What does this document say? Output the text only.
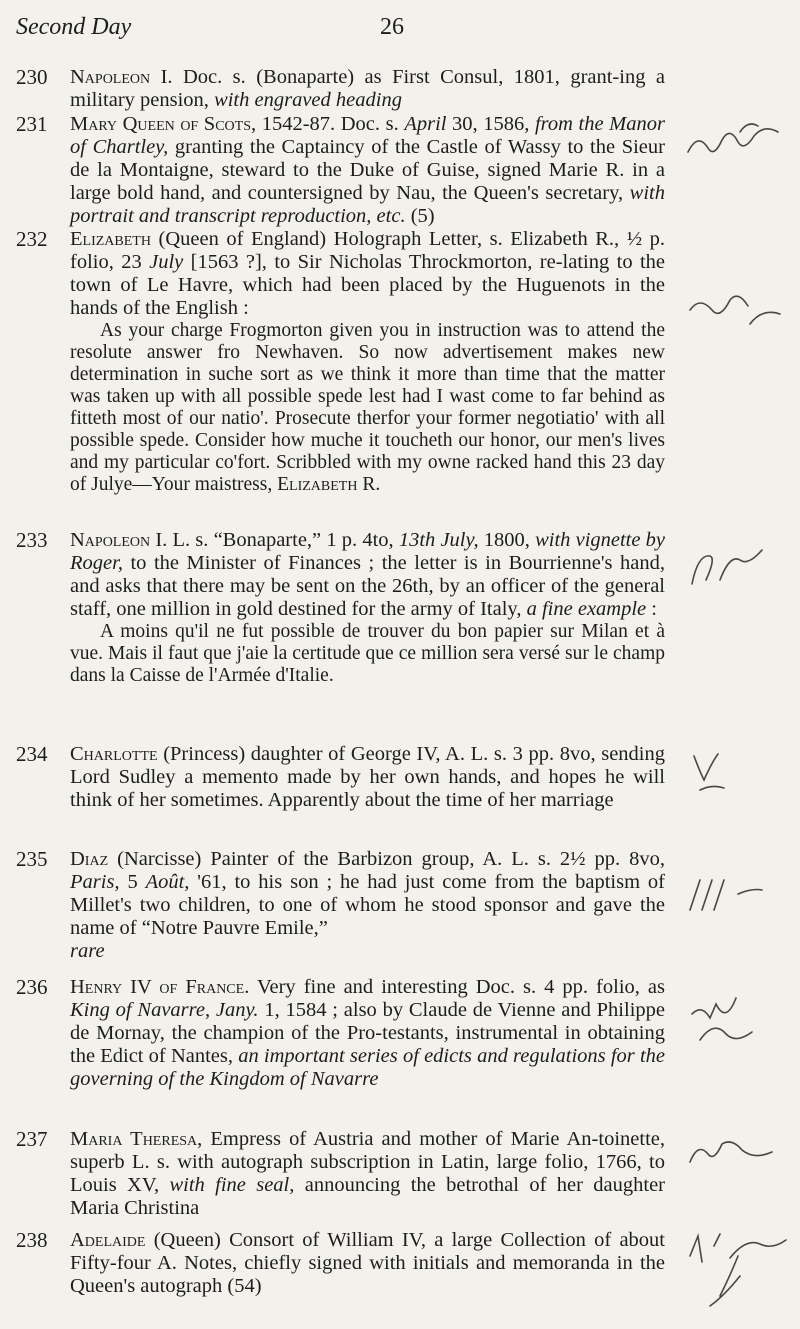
Second Day	26
230 Napoleon I. Doc. s. (Bonaparte) as First Consul, 1801, grant-ing a military pension, with engraved heading

231 Mary Queen of Scots, 1542-87. Doc. s. April 30, 1586, from the Manor of Chartley, granting the Captaincy of the Castle of Wassy to the Sieur de la Montaigne, steward to the Duke of Guise, signed Marie R. in a large bold hand, and countersigned by Nau, the Queen's secretary, with portrait and transcript reproduction, etc. (5)

232 Elizabeth (Queen of England) Holograph Letter, s. Elizabeth R., ½ p. folio, 23 July [1563 ?], to Sir Nicholas Throckmorton, re-lating to the town of Le Havre, which had been placed by the Huguenots in the hands of the English :

As your charge Frogmorton given you in instruction was to attend the resolute answer fro Newhaven. So now advertisement makes new determination in suche sort as we think it more than time that the matter was taken up with all possible spede lest had I wast come to far behind as fitteth most of our natio'. Prosecute therfor your former negotiatio' with all possible spede. Consider how muche it toucheth our honor, our men's lives and my particular co'fort. Scribbled with my owne racked hand this 23 day of Julye—Your maistress, Elizabeth R.

233 Napoleon I. L. s. “Bonaparte,” 1 p. 4to, 13th July, 1800, with vignette by Roger, to the Minister of Finances ; the letter is in Bourrienne's hand, and asks that there may be sent on the 26th, by an officer of the general staff, one million in gold destined for the army of Italy, a fine example :

A moins qu'il ne fut possible de trouver du bon papier sur Milan et à vue. Mais il faut que j'aie la certitude que ce million sera versé sur le champ dans la Caisse de l'Armée d'Italie.

234 Charlotte (Princess) daughter of George IV, A. L. s. 3 pp. 8vo, sending Lord Sudley a memento made by her own hands, and hopes he will think of her sometimes. Apparently about the time of her marriage

235 Diaz (Narcisse) Painter of the Barbizon group, A. L. s. 2½ pp. 8vo, Paris, 5 Août, '61, to his son ; he had just come from the baptism of Millet's two children, to one of whom he stood sponsor and gave the name of “Notre Pauvre Emile,”

rare

236 Henry IV of France. Very fine and interesting Doc. s. 4 pp. folio, as King of Navarre, Jany. 1, 1584 ; also by Claude de Vienne and Philippe de Mornay, the champion of the Pro-testants, instrumental in obtaining the Edict of Nantes, an important series of edicts and regulations for the governing of the Kingdom of Navarre

237 Maria Theresa, Empress of Austria and mother of Marie An-toinette, superb L. s. with autograph subscription in Latin, large folio, 1766, to Louis XV, with fine seal, announcing the betrothal of her daughter Maria Christina

238 Adelaide (Queen) Consort of William IV, a large Collection of about Fifty-four A. Notes, chiefly signed with initials and memoranda in the Queen's autograph (54)
